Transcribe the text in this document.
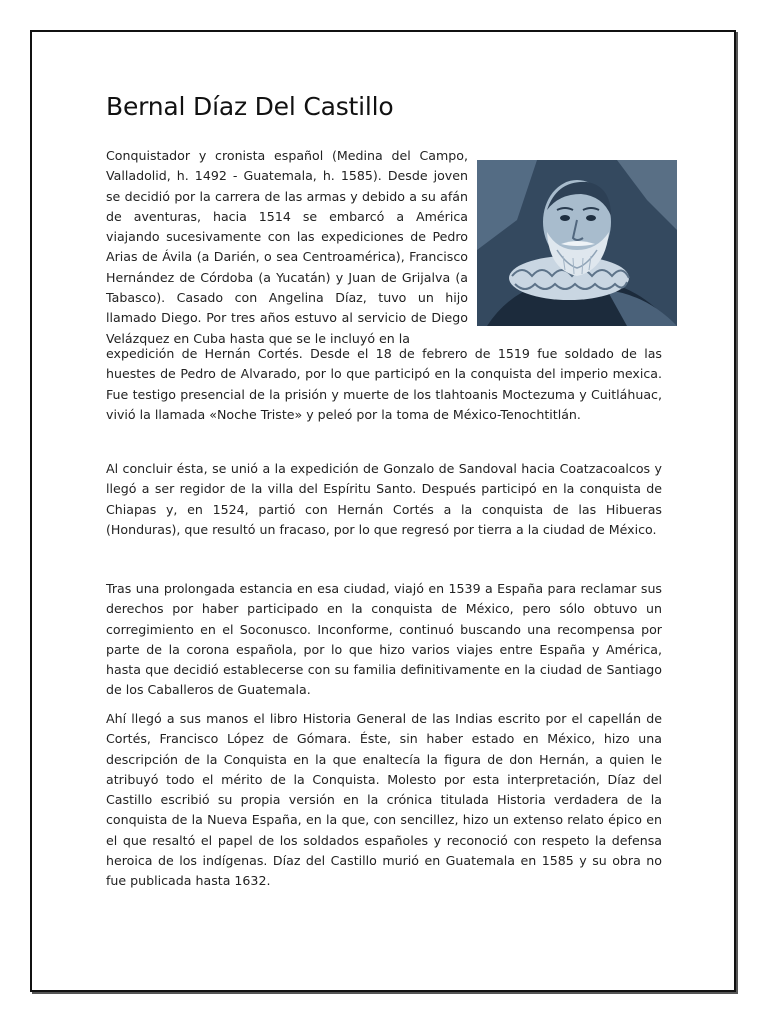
Bernal Díaz Del Castillo
Conquistador y cronista español (Medina del Campo, Valladolid, h. 1492 - Guatemala, h. 1585). Desde joven se decidió por la carrera de las armas y debido a su afán de aventuras, hacia 1514 se embarcó a América viajando sucesivamente con las expediciones de Pedro Arias de Ávila (a Darién, o sea Centroamérica), Francisco Hernández de Córdoba (a Yucatán) y Juan de Grijalva (a Tabasco). Casado con Angelina Díaz, tuvo un hijo llamado Diego. Por tres años estuvo al servicio de Diego Velázquez en Cuba hasta que se le incluyó en la
expedición de Hernán Cortés. Desde el 18 de febrero de 1519 fue soldado de las huestes de Pedro de Alvarado, por lo que participó en la conquista del imperio mexica. Fue testigo presencial de la prisión y muerte de los tlahtoanis Moctezuma y Cuitláhuac, vivió la llamada «Noche Triste» y peleó por la toma de México-Tenochtitlán.
Al concluir ésta, se unió a la expedición de Gonzalo de Sandoval hacia Coatzacoalcos y llegó a ser regidor de la villa del Espíritu Santo. Después participó en la conquista de Chiapas y, en 1524, partió con Hernán Cortés a la conquista de las Hibueras (Honduras), que resultó un fracaso, por lo que regresó por tierra a la ciudad de México.
Tras una prolongada estancia en esa ciudad, viajó en 1539 a España para reclamar sus derechos por haber participado en la conquista de México, pero sólo obtuvo un corregimiento en el Soconusco. Inconforme, continuó buscando una recompensa por parte de la corona española, por lo que hizo varios viajes entre España y América, hasta que decidió establecerse con su familia definitivamente en la ciudad de Santiago de los Caballeros de Guatemala.
Ahí llegó a sus manos el libro Historia General de las Indias escrito por el capellán de Cortés, Francisco López de Gómara. Éste, sin haber estado en México, hizo una descripción de la Conquista en la que enaltecía la figura de don Hernán, a quien le atribuyó todo el mérito de la Conquista. Molesto por esta interpretación, Díaz del Castillo escribió su propia versión en la crónica titulada Historia verdadera de la conquista de la Nueva España, en la que, con sencillez, hizo un extenso relato épico en el que resaltó el papel de los soldados españoles y reconoció con respeto la defensa heroica de los indígenas. Díaz del Castillo murió en Guatemala en 1585 y su obra no fue publicada hasta 1632.
